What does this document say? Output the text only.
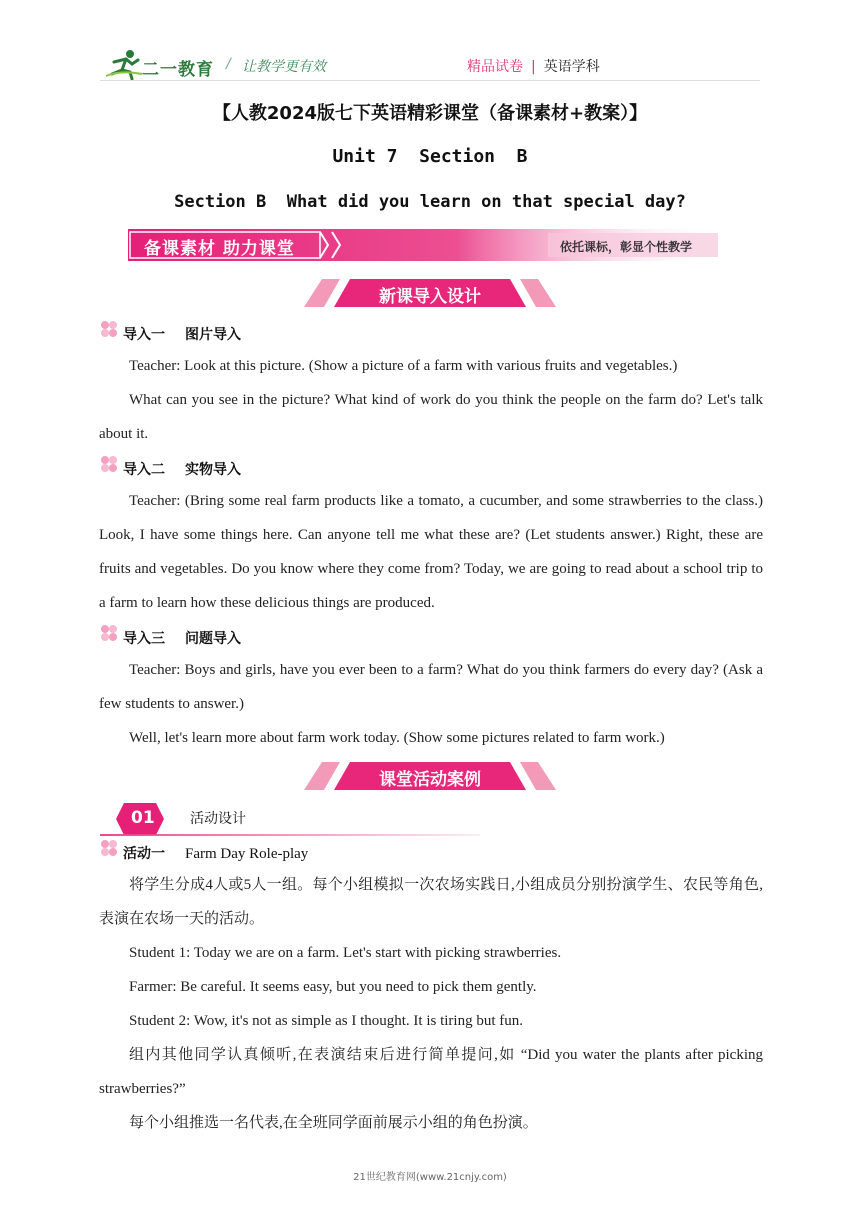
二一教育 / 让教学更有效	精品试卷 | 英语学科
【人教2024版七下英语精彩课堂（备课素材+教案）】
Unit 7  Section  B
Section B  What did you learn on that special day?
备课素材 助力课堂	依托课标，彰显个性教学
新课导入设计
导入一 图片导入

Teacher: Look at this picture. (Show a picture of a farm with various fruits and vegetables.)

What can you see in the picture? What kind of work do you think the people on the farm do? Let's talk about it.

导入二 实物导入

Teacher: (Bring some real farm products like a tomato, a cucumber, and some strawberries to the class.) Look, I have some things here. Can anyone tell me what these are? (Let students answer.) Right, these are fruits and vegetables. Do you know where they come from? Today, we are going to read about a school trip to a farm to learn how these delicious things are produced.

导入三 问题导入

Teacher: Boys and girls, have you ever been to a farm? What do you think farmers do every day? (Ask a few students to answer.)

Well, let's learn more about farm work today. (Show some pictures related to farm work.)

课堂活动案例
01	活动设计
活动一 Farm Day Role-play

将学生分成4人或5人一组。每个小组模拟一次农场实践日,小组成员分别扮演学生、农民等角色,表演在农场一天的活动。

Student 1: Today we are on a farm. Let's start with picking strawberries.

Farmer: Be careful. It seems easy, but you need to pick them gently.

Student 2: Wow, it's not as simple as I thought. It is tiring but fun.

组内其他同学认真倾听,在表演结束后进行简单提问,如 “Did you water the plants after picking strawberries?”

每个小组推选一名代表,在全班同学面前展示小组的角色扮演。

21世纪教育网(www.21cnjy.com)
